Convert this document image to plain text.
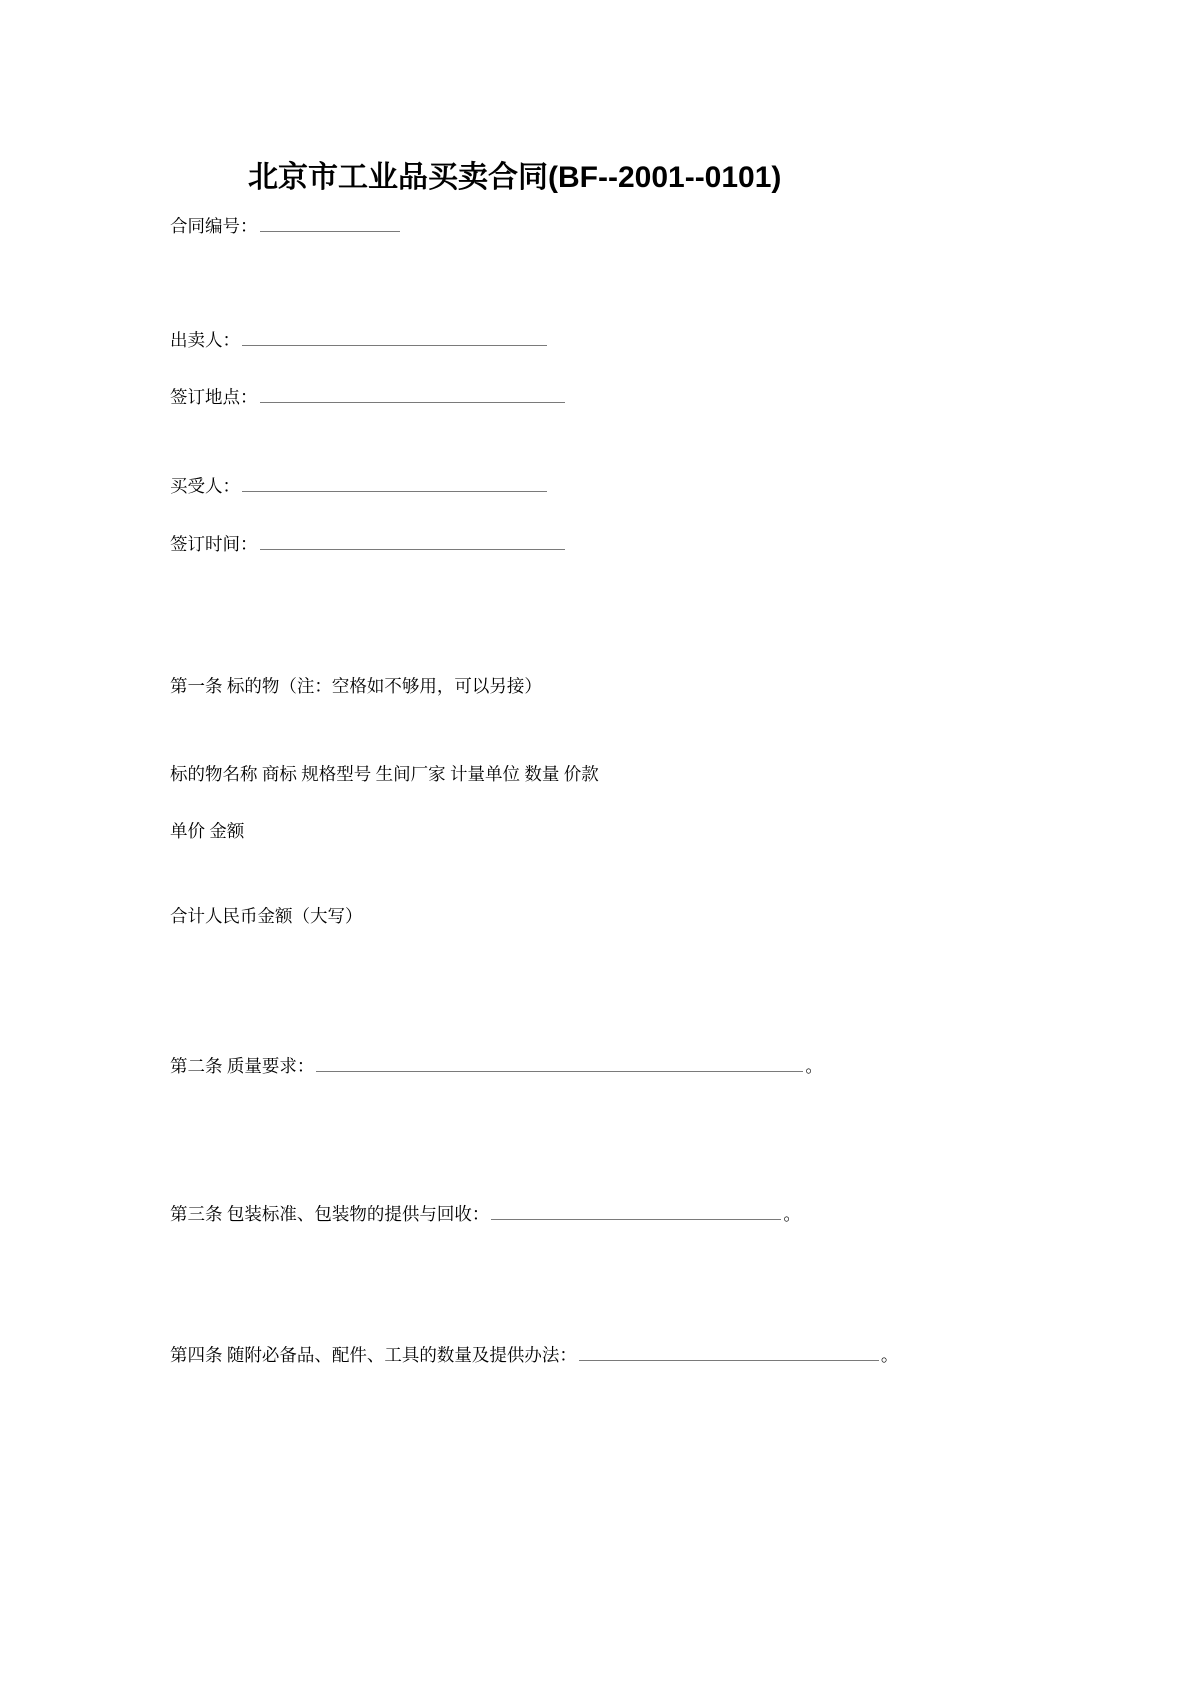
北京市工业品买卖合同(BF--2001--0101)
合同编号：
出卖人：
签订地点：
买受人：
签订时间：
第一条 标的物（注：空格如不够用，可以另接）
标的物名称 商标 规格型号 生间厂家 计量单位 数量 价款
单价 金额
合计人民币金额（大写）
第二条 质量要求：	。
第三条 包装标准、包装物的提供与回收：	。
第四条 随附必备品、配件、工具的数量及提供办法：	。
